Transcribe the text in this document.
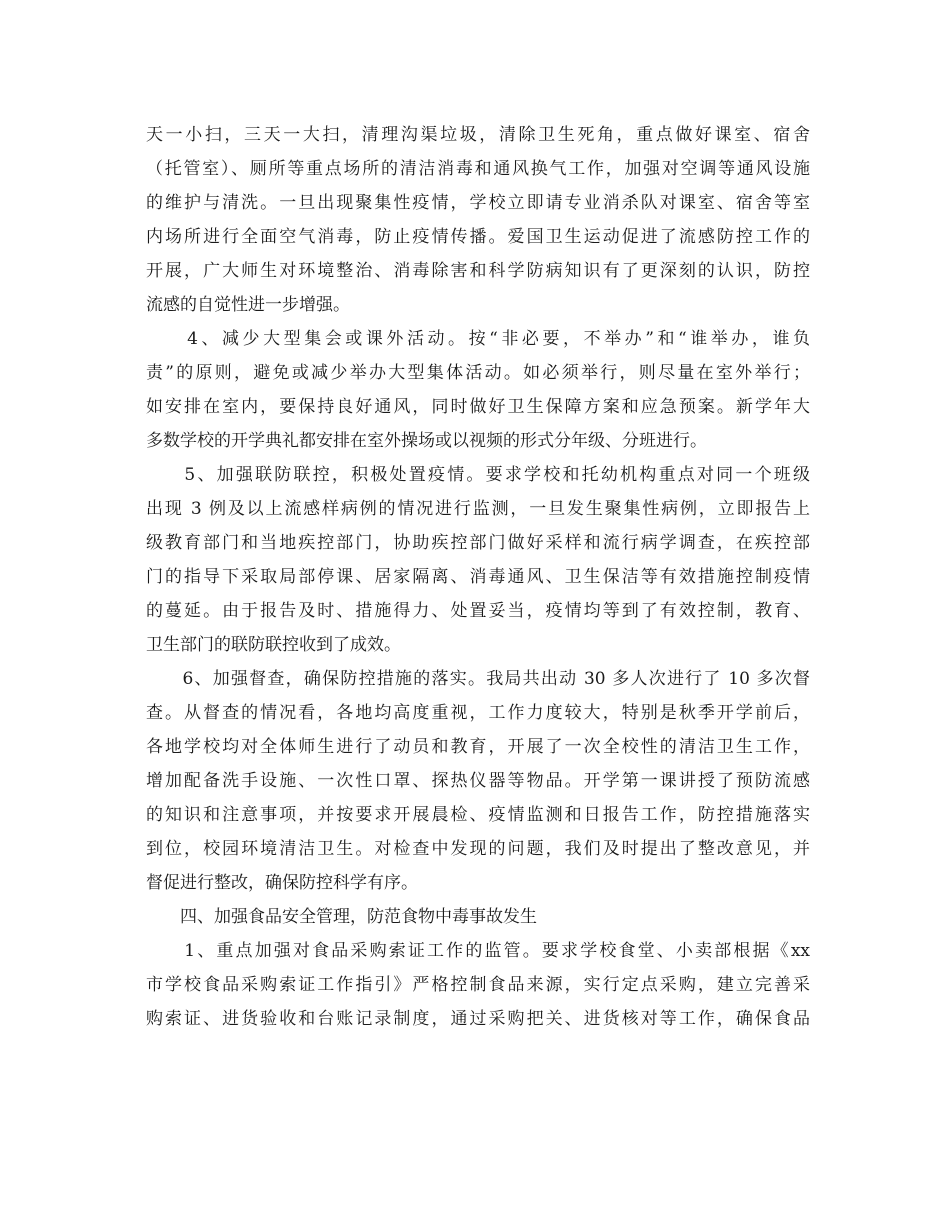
天一小扫，三天一大扫，清理沟渠垃圾，清除卫生死角，重点做好课室、宿舍
（托管室）、厕所等重点场所的清洁消毒和通风换气工作，加强对空调等通风设施
的维护与清洗。一旦出现聚集性疫情，学校立即请专业消杀队对课室、宿舍等室
内场所进行全面空气消毒，防止疫情传播。爱国卫生运动促进了流感防控工作的
开展，广大师生对环境整治、消毒除害和科学防病知识有了更深刻的认识，防控
流感的自觉性进一步增强。
　　4、减少大型集会或课外活动。按“非必要，不举办”和“谁举办，谁负
责”的原则，避免或减少举办大型集体活动。如必须举行，则尽量在室外举行；
如安排在室内，要保持良好通风，同时做好卫生保障方案和应急预案。新学年大
多数学校的开学典礼都安排在室外操场或以视频的形式分年级、分班进行。
　　5、加强联防联控，积极处置疫情。要求学校和托幼机构重点对同一个班级
出现 3 例及以上流感样病例的情况进行监测，一旦发生聚集性病例，立即报告上
级教育部门和当地疾控部门，协助疾控部门做好采样和流行病学调查，在疾控部
门的指导下采取局部停课、居家隔离、消毒通风、卫生保洁等有效措施控制疫情
的蔓延。由于报告及时、措施得力、处置妥当，疫情均等到了有效控制，教育、
卫生部门的联防联控收到了成效。
　　6、加强督查，确保防控措施的落实。我局共出动 30 多人次进行了 10 多次督
查。从督查的情况看，各地均高度重视，工作力度较大，特别是秋季开学前后，
各地学校均对全体师生进行了动员和教育，开展了一次全校性的清洁卫生工作，
增加配备洗手设施、一次性口罩、探热仪器等物品。开学第一课讲授了预防流感
的知识和注意事项，并按要求开展晨检、疫情监测和日报告工作，防控措施落实
到位，校园环境清洁卫生。对检查中发现的问题，我们及时提出了整改意见，并
督促进行整改，确保防控科学有序。
　　四、加强食品安全管理，防范食物中毒事故发生
　　1、重点加强对食品采购索证工作的监管。要求学校食堂、小卖部根据《xx
市学校食品采购索证工作指引》严格控制食品来源，实行定点采购，建立完善采
购索证、进货验收和台账记录制度，通过采购把关、进货核对等工作，确保食品
